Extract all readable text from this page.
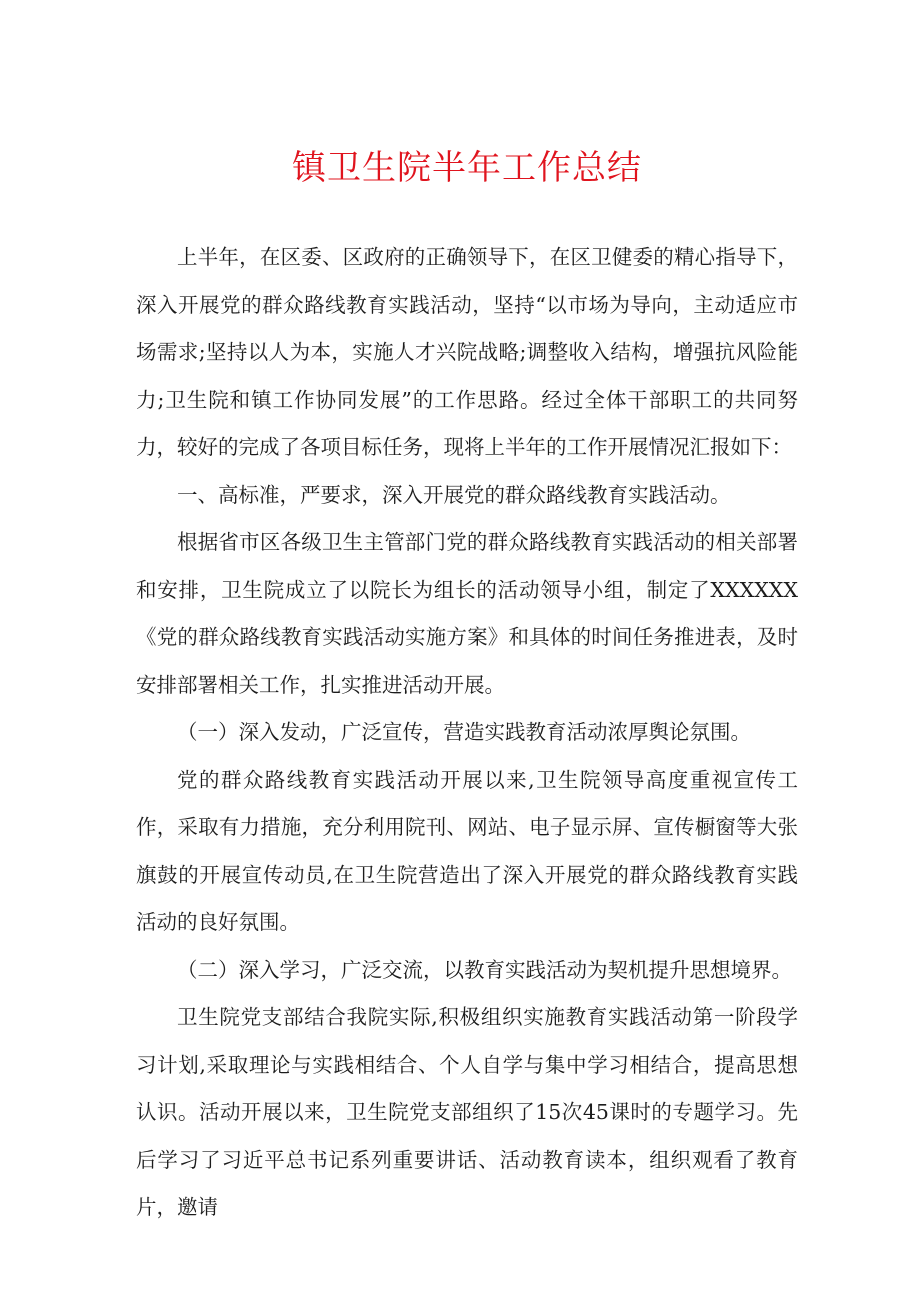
镇卫生院半年工作总结

上半年，在区委、区政府的正确领导下，在区卫健委的精心指导下，深入开展党的群众路线教育实践活动，坚持“以市场为导向，主动适应市场需求;坚持以人为本，实施人才兴院战略;调整收入结构，增强抗风险能力;卫生院和镇工作协同发展”的工作思路。经过全体干部职工的共同努力，较好的完成了各项目标任务，现将上半年的工作开展情况汇报如下：

一、高标准，严要求，深入开展党的群众路线教育实践活动。

根据省市区各级卫生主管部门党的群众路线教育实践活动的相关部署和安排，卫生院成立了以院长为组长的活动领导小组，制定了XXXXXX《党的群众路线教育实践活动实施方案》和具体的时间任务推进表，及时安排部署相关工作，扎实推进活动开展。

（一）深入发动，广泛宣传，营造实践教育活动浓厚舆论氛围。

党的群众路线教育实践活动开展以来,卫生院领导高度重视宣传工作，采取有力措施，充分利用院刊、网站、电子显示屏、宣传橱窗等大张旗鼓的开展宣传动员,在卫生院营造出了深入开展党的群众路线教育实践活动的良好氛围。

（二）深入学习，广泛交流，以教育实践活动为契机提升思想境界。

卫生院党支部结合我院实际,积极组织实施教育实践活动第一阶段学习计划,采取理论与实践相结合、个人自学与集中学习相结合，提高思想认识。活动开展以来，卫生院党支部组织了15次45课时的专题学习。先后学习了习近平总书记系列重要讲话、活动教育读本，组织观看了教育片，邀请
